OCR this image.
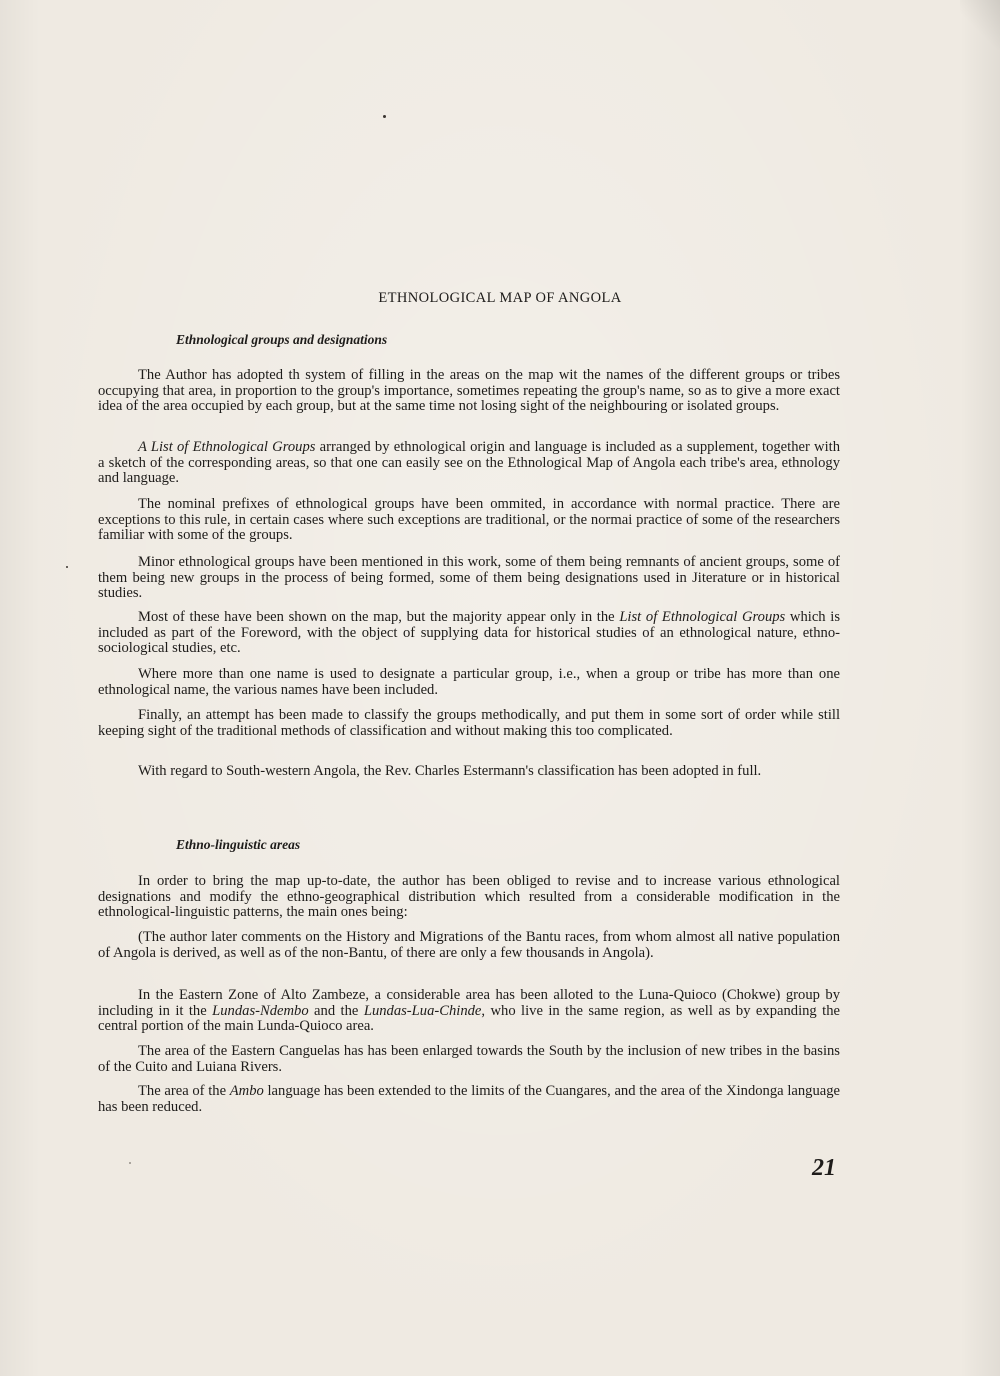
ETHNOLOGICAL MAP OF ANGOLA
Ethnological groups and designations

The Author has adopted th system of filling in the areas on the map wit the names of the different groups or tribes occupying that area, in proportion to the group's importance, sometimes repeating the group's name, so as to give a more exact idea of the area occupied by each group, but at the same time not losing sight of the neighbouring or isolated groups.

A List of Ethnological Groups arranged by ethnological origin and language is included as a supplement, together with a sketch of the corresponding areas, so that one can easily see on the Ethnological Map of Angola each tribe's area, ethnology and language.

The nominal prefixes of ethnological groups have been ommited, in accordance with normal practice. There are exceptions to this rule, in certain cases where such exceptions are traditional, or the normai practice of some of the researchers familiar with some of the groups.

Minor ethnological groups have been mentioned in this work, some of them being remnants of ancient groups, some of them being new groups in the process of being formed, some of them being designations used in Jiterature or in historical studies.

Most of these have been shown on the map, but the majority appear only in the List of Ethnological Groups which is included as part of the Foreword, with the object of supplying data for historical studies of an ethnological nature, ethno-sociological studies, etc.

Where more than one name is used to designate a particular group, i.e., when a group or tribe has more than one ethnological name, the various names have been included.

Finally, an attempt has been made to classify the groups methodically, and put them in some sort of order while still keeping sight of the traditional methods of classification and without making this too complicated.

With regard to South-western Angola, the Rev. Charles Estermann's classification has been adopted in full.

Ethno-linguistic areas

In order to bring the map up-to-date, the author has been obliged to revise and to increase various ethnological designations and modify the ethno-geographical distribution which resulted from a considerable modification in the ethnological-linguistic patterns, the main ones being:

(The author later comments on the History and Migrations of the Bantu races, from whom almost all native population of Angola is derived, as well as of the non-Bantu, of there are only a few thousands in Angola).

In the Eastern Zone of Alto Zambeze, a considerable area has been alloted to the Luna-Quioco (Chokwe) group by including in it the Lundas-Ndembo and the Lundas-Lua-Chinde, who live in the same region, as well as by expanding the central portion of the main Lunda-Quioco area.

The area of the Eastern Canguelas has has been enlarged towards the South by the inclusion of new tribes in the basins of the Cuito and Luiana Rivers.

The area of the Ambo language has been extended to the limits of the Cuangares, and the area of the Xindonga language has been reduced.

21
